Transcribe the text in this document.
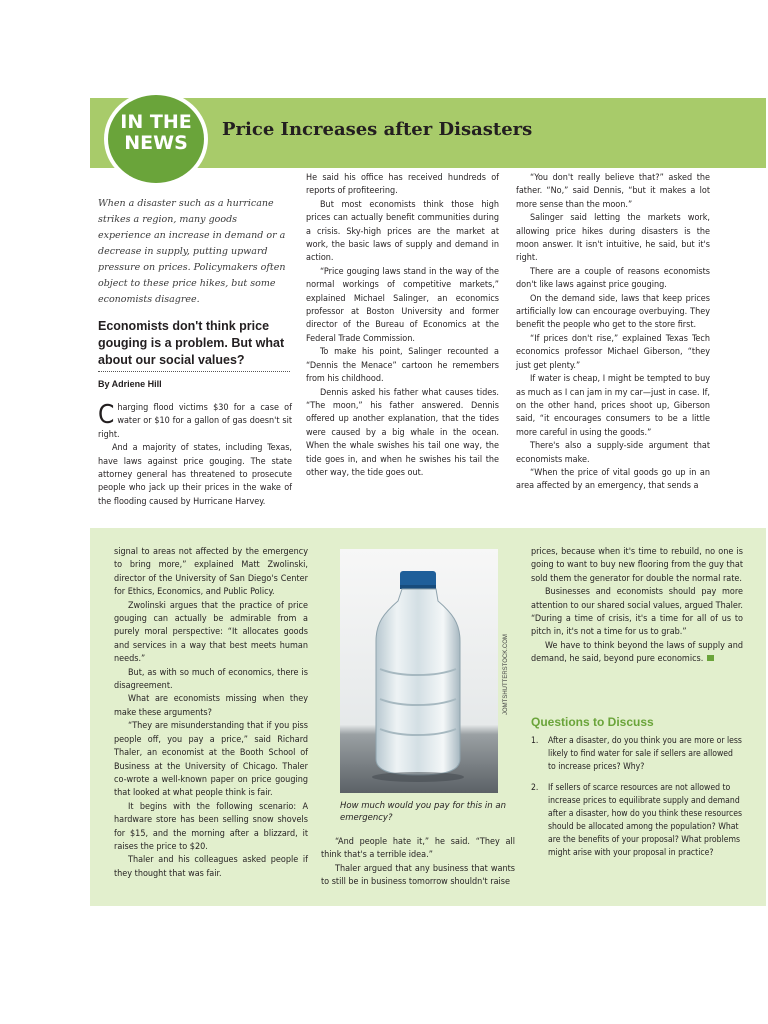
IN THE
NEWS
Price Increases after Disasters
When a disaster such as a hurricane strikes a region, many goods experience an increase in demand or a decrease in supply, putting upward pressure on prices. Policymakers often object to these price hikes, but some economists disagree.
Economists don't think price gouging is a problem. But what about our social values?
By Adriene Hill

Charging flood victims $30 for a case of water or $10 for a gallon of gas doesn't sit right.

And a majority of states, including Texas, have laws against price gouging. The state attorney general has threatened to prosecute people who jack up their prices in the wake of the flooding caused by Hurricane Harvey.

He said his office has received hundreds of reports of profiteering.

But most economists think those high prices can actually benefit communities during a crisis. Sky-high prices are the market at work, the basic laws of supply and demand in action.

“Price gouging laws stand in the way of the normal workings of competitive markets,” explained Michael Salinger, an economics professor at Boston University and former director of the Bureau of Economics at the Federal Trade Commission.

To make his point, Salinger recounted a “Dennis the Menace” cartoon he remembers from his childhood.

Dennis asked his father what causes tides. “The moon,” his father answered. Dennis offered up another explanation, that the tides were caused by a big whale in the ocean. When the whale swishes his tail one way, the tide goes in, and when he swishes his tail the other way, the tide goes out.

“You don't really believe that?” asked the father. “No,” said Dennis, “but it makes a lot more sense than the moon.”

Salinger said letting the markets work, allowing price hikes during disasters is the moon answer. It isn't intuitive, he said, but it's right.

There are a couple of reasons economists don't like laws against price gouging.

On the demand side, laws that keep prices artificially low can encourage overbuying. They benefit the people who get to the store first.

“If prices don't rise,” explained Texas Tech economics professor Michael Giberson, “they just get plenty.”

If water is cheap, I might be tempted to buy as much as I can jam in my car—just in case. If, on the other hand, prices shoot up, Giberson said, “it encourages consumers to be a little more careful in using the goods.”

There's also a supply-side argument that economists make.

“When the price of vital goods go up in an area affected by an emergency, that sends a

signal to areas not affected by the emergency to bring more,” explained Matt Zwolinski, director of the University of San Diego's Center for Ethics, Economics, and Public Policy.

Zwolinski argues that the practice of price gouging can actually be admirable from a purely moral perspective: “It allocates goods and services in a way that best meets human needs.”

But, as with so much of economics, there is disagreement.

What are economists missing when they make these arguments?

“They are misunderstanding that if you piss people off, you pay a price,” said Richard Thaler, an economist at the Booth School of Business at the University of Chicago. Thaler co-wrote a well-known paper on price gouging that looked at what people think is fair.

It begins with the following scenario: A hardware store has been selling snow shovels for $15, and the morning after a blizzard, it raises the price to $20.

Thaler and his colleagues asked people if they thought that was fair.

JOMTSHUTTERSTOCK.COM
How much would you pay for this in an emergency?

“And people hate it,” he said. “They all think that's a terrible idea.”

Thaler argued that any business that wants to still be in business tomorrow shouldn't raise

prices, because when it's time to rebuild, no one is going to want to buy new flooring from the guy that sold them the generator for double the normal rate.

Businesses and economists should pay more attention to our shared social values, argued Thaler. “During a time of crisis, it's a time for all of us to pitch in, it's not a time for us to grab.”

We have to think beyond the laws of supply and demand, he said, beyond pure economics.

Questions to Discuss
1. After a disaster, do you think you are more or less likely to find water for sale if sellers are allowed to increase prices? Why?
2. If sellers of scarce resources are not allowed to increase prices to equilibrate supply and demand after a disaster, how do you think these resources should be allocated among the population? What are the benefits of your proposal? What problems might arise with your proposal in practice?
